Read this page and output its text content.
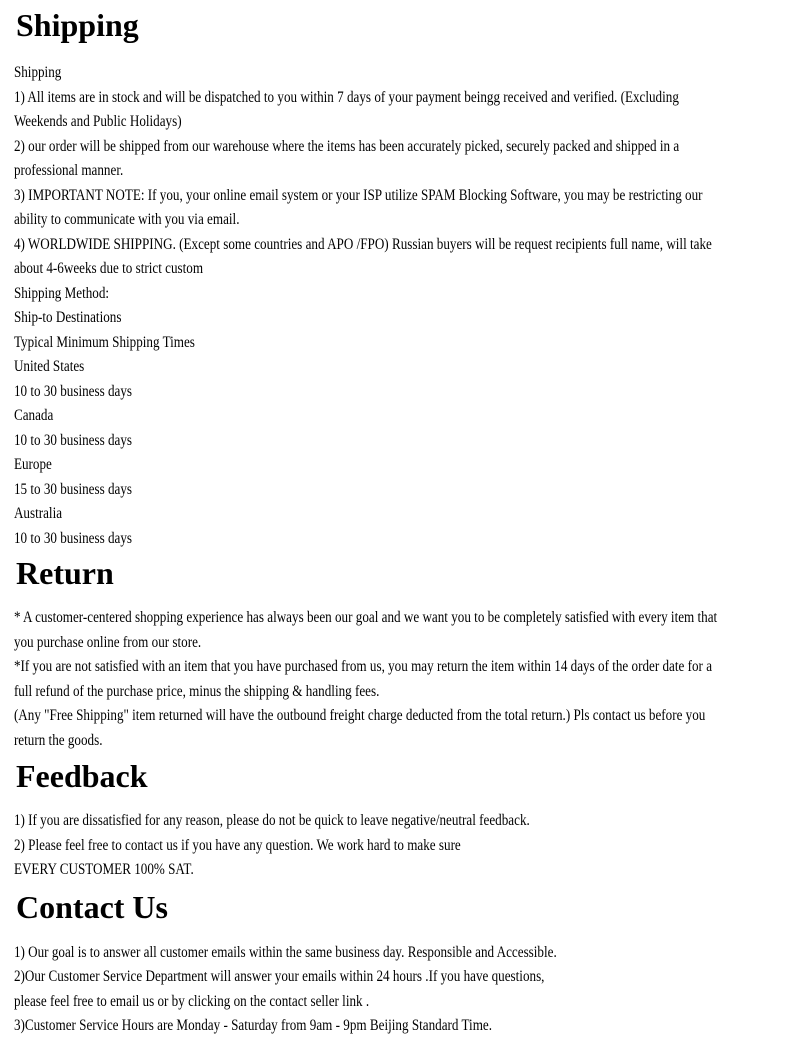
Shipping
Shipping
1) All items are in stock and will be dispatched to you within 7 days of your payment beingg received and verified. (Excluding
Weekends and Public Holidays)
2) our order will be shipped from our warehouse where the items has been accurately picked, securely packed and shipped in a
professional manner.
3) IMPORTANT NOTE: If you, your online email system or your ISP utilize SPAM Blocking Software, you may be restricting our
ability to communicate with you via email.
4) WORLDWIDE SHIPPING. (Except some countries and APO /FPO) Russian buyers will be request recipients full name, will take
about 4-6weeks due to strict custom
Shipping Method:
Ship-to Destinations
Typical Minimum Shipping Times
United States
10 to 30 business days
Canada
10 to 30 business days
Europe
15 to 30 business days
Australia
10 to 30 business days
Return
* A customer-centered shopping experience has always been our goal and we want you to be completely satisfied with every item that
you purchase online from our store.
*If you are not satisfied with an item that you have purchased from us, you may return the item within 14 days of the order date for a
full refund of the purchase price, minus the shipping & handling fees.
(Any "Free Shipping" item returned will have the outbound freight charge deducted from the total return.) Pls contact us before you
return the goods.
Feedback
1) If you are dissatisfied for any reason, please do not be quick to leave negative/neutral feedback.
2) Please feel free to contact us if you have any question. We work hard to make sure
EVERY CUSTOMER 100% SAT.
Contact Us
1) Our goal is to answer all customer emails within the same business day. Responsible and Accessible.
2)Our Customer Service Department will answer your emails within 24 hours .If you have questions,
please feel free to email us or by clicking on the contact seller link .
3)Customer Service Hours are Monday - Saturday from 9am - 9pm Beijing Standard Time.
